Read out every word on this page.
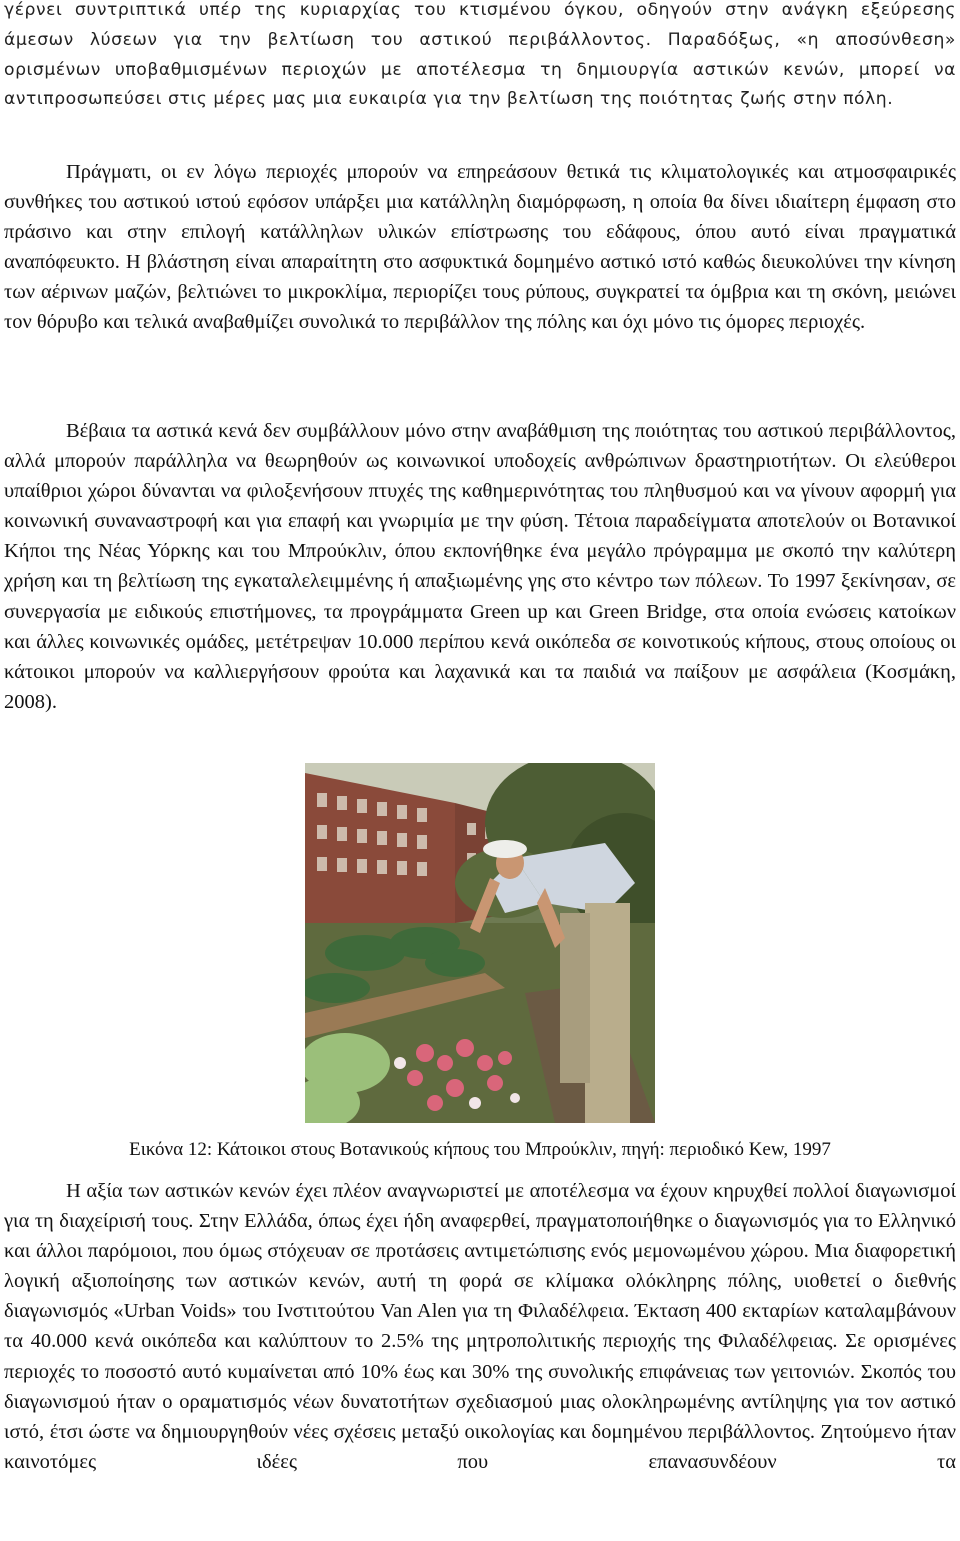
γέρνει συντριπτικά υπέρ της κυριαρχίας του κτισμένου όγκου, οδηγούν στην ανάγκη εξεύρεσης άμεσων λύσεων για την βελτίωση του αστικού περιβάλλοντος. Παραδόξως, «η αποσύνθεση» ορισμένων υποβαθμισμένων περιοχών με αποτέλεσμα τη δημιουργία αστικών κενών, μπορεί να αντιπροσωπεύσει στις μέρες μας μια ευκαιρία για την βελτίωση της ποιότητας ζωής στην πόλη.

Πράγματι, οι εν λόγω περιοχές μπορούν να επηρεάσουν θετικά τις κλιματολογικές και ατμοσφαιρικές συνθήκες του αστικού ιστού εφόσον υπάρξει μια κατάλληλη διαμόρφωση, η οποία θα δίνει ιδιαίτερη έμφαση στο πράσινο και στην επιλογή κατάλληλων υλικών επίστρωσης του εδάφους, όπου αυτό είναι πραγματικά αναπόφευκτο. Η βλάστηση είναι απαραίτητη στο ασφυκτικά δομημένο αστικό ιστό καθώς διευκολύνει την κίνηση των αέρινων μαζών, βελτιώνει το μικροκλίμα, περιορίζει τους ρύπους, συγκρατεί τα όμβρια και τη σκόνη, μειώνει τον θόρυβο και τελικά αναβαθμίζει συνολικά το περιβάλλον της πόλης και όχι μόνο τις όμορες περιοχές.

Βέβαια τα αστικά κενά δεν συμβάλλουν μόνο στην αναβάθμιση της ποιότητας του αστικού περιβάλλοντος, αλλά μπορούν παράλληλα να θεωρηθούν ως κοινωνικοί υποδοχείς ανθρώπινων δραστηριοτήτων. Οι ελεύθεροι υπαίθριοι χώροι δύνανται να φιλοξενήσουν πτυχές της καθημερινότητας του πληθυσμού και να γίνουν αφορμή για κοινωνική συναναστροφή και για επαφή και γνωριμία με την φύση. Τέτοια παραδείγματα αποτελούν οι Βοτανικοί Κήποι της Νέας Υόρκης και του Μπρούκλιν, όπου εκπονήθηκε ένα μεγάλο πρόγραμμα με σκοπό την καλύτερη χρήση και τη βελτίωση της εγκαταλελειμμένης ή απαξιωμένης γης στο κέντρο των πόλεων. Το 1997 ξεκίνησαν, σε συνεργασία με ειδικούς επιστήμονες, τα προγράμματα Green up και Green Bridge, στα οποία ενώσεις κατοίκων και άλλες κοινωνικές ομάδες, μετέτρεψαν 10.000 περίπου κενά οικόπεδα σε κοινοτικούς κήπους, στους οποίους οι κάτοικοι μπορούν να καλλιεργήσουν φρούτα και λαχανικά και τα παιδιά να παίξουν με ασφάλεια (Κοσμάκη, 2008).

Εικόνα 12: Κάτοικοι στους Βοτανικούς κήπους του Μπρούκλιν, πηγή: περιοδικό Kew, 1997

Η αξία των αστικών κενών έχει πλέον αναγνωριστεί με αποτέλεσμα να έχουν κηρυχθεί πολλοί διαγωνισμοί για τη διαχείρισή τους. Στην Ελλάδα, όπως έχει ήδη αναφερθεί, πραγματοποιήθηκε ο διαγωνισμός για το Ελληνικό και άλλοι παρόμοιοι, που όμως στόχευαν σε προτάσεις αντιμετώπισης ενός μεμονωμένου χώρου. Μια διαφορετική λογική αξιοποίησης των αστικών κενών, αυτή τη φορά σε κλίμακα ολόκληρης πόλης, υιοθετεί ο διεθνής διαγωνισμός «Urban Voids» του Ινστιτούτου Van Alen για τη Φιλαδέλφεια. Έκταση 400 εκταρίων καταλαμβάνουν τα 40.000 κενά οικόπεδα και καλύπτουν το 2.5% της μητροπολιτικής περιοχής της Φιλαδέλφειας. Σε ορισμένες περιοχές το ποσοστό αυτό κυμαίνεται από 10% έως και 30% της συνολικής επιφάνειας των γειτονιών. Σκοπός του διαγωνισμού ήταν ο οραματισμός νέων δυνατοτήτων σχεδιασμού μιας ολοκληρωμένης αντίληψης για τον αστικό ιστό, έτσι ώστε να δημιουργηθούν νέες σχέσεις μεταξύ οικολογίας και δομημένου περιβάλλοντος. Ζητούμενο ήταν καινοτόμες ιδέες που επανασυνδέουν τα
